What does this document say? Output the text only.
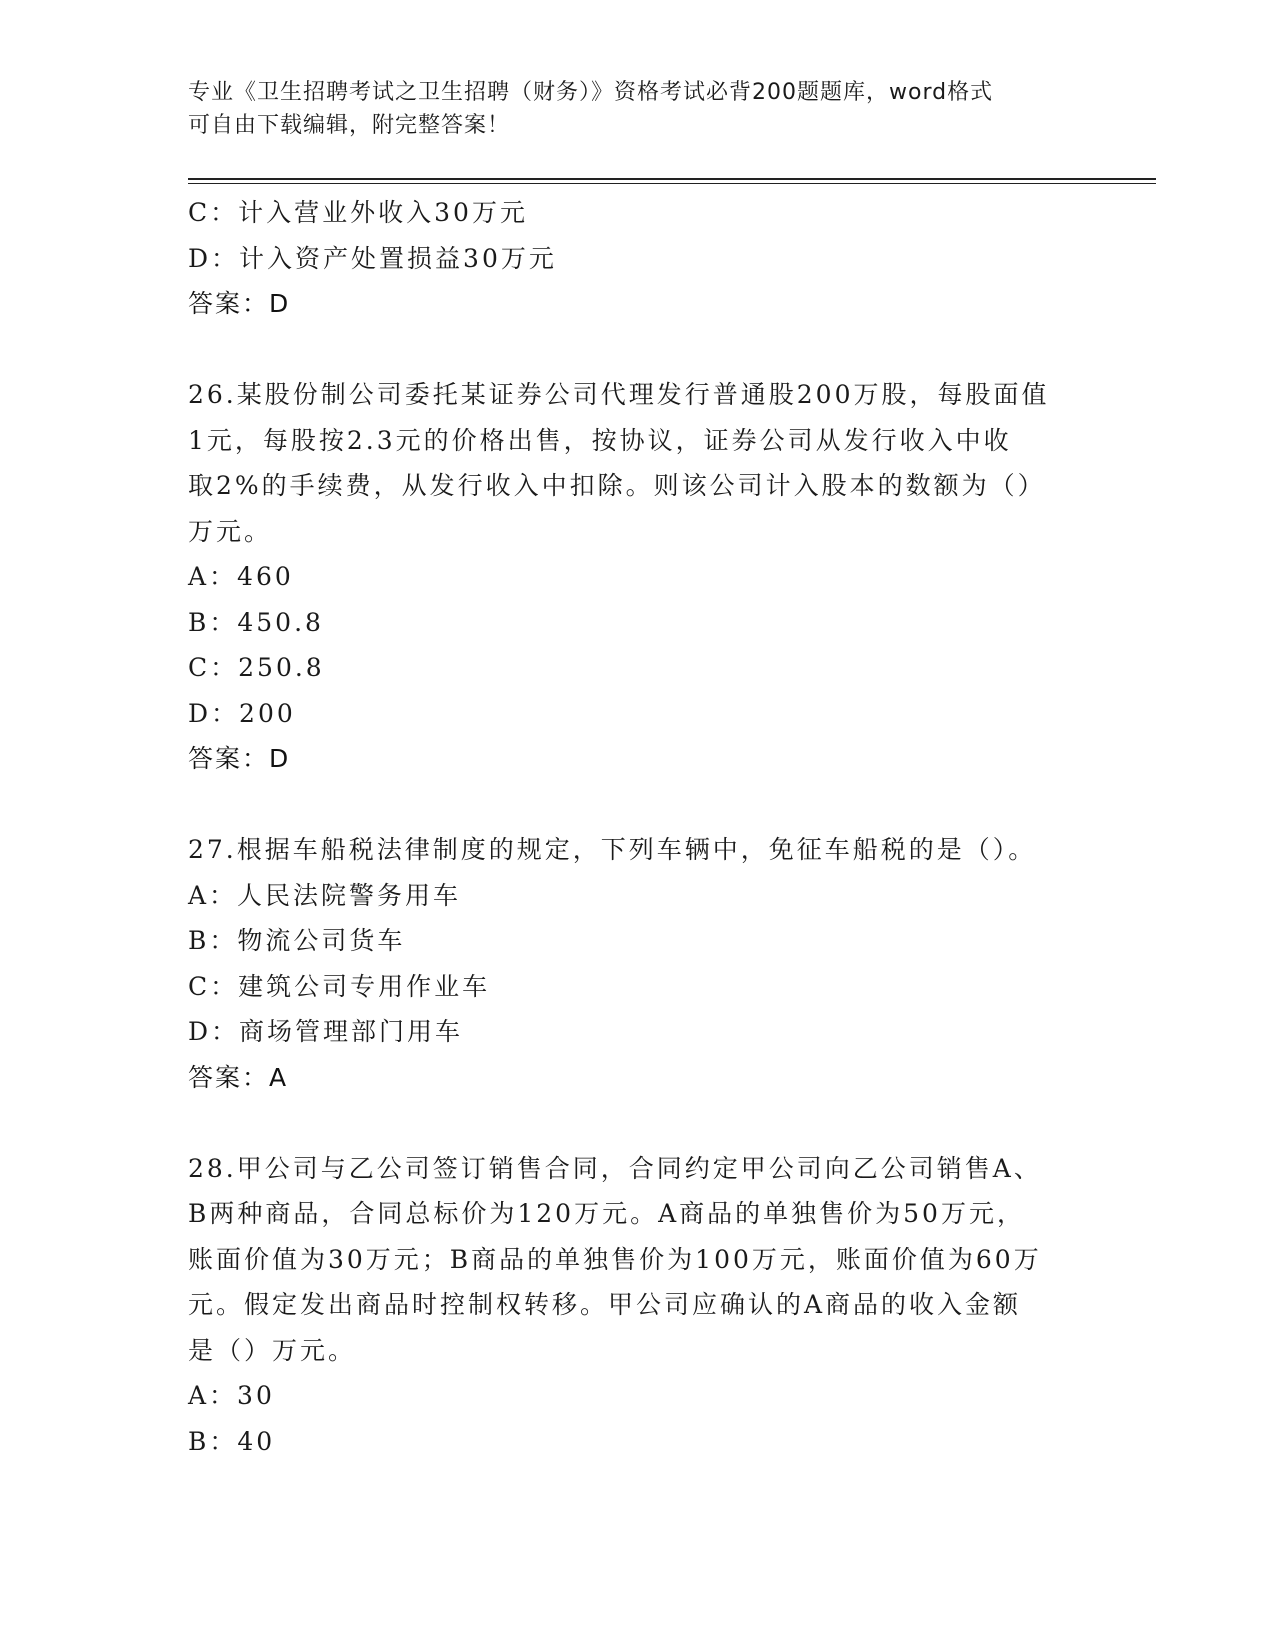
专业《卫生招聘考试之卫生招聘（财务）》资格考试必背200题题库，word格式
可自由下载编辑，附完整答案！
C：计入营业外收入30万元
D：计入资产处置损益30万元
答案：D
26.某股份制公司委托某证券公司代理发行普通股200万股，每股面值
1元，每股按2.3元的价格出售，按协议，证券公司从发行收入中收
取2%的手续费，从发行收入中扣除。则该公司计入股本的数额为（）
万元。
A：460
B：450.8
C：250.8
D：200
答案：D
27.根据车船税法律制度的规定，下列车辆中，免征车船税的是（）。
A：人民法院警务用车
B：物流公司货车
C：建筑公司专用作业车
D：商场管理部门用车
答案：A
28.甲公司与乙公司签订销售合同，合同约定甲公司向乙公司销售A、
B两种商品，合同总标价为120万元。A商品的单独售价为50万元，
账面价值为30万元；B商品的单独售价为100万元，账面价值为60万
元。假定发出商品时控制权转移。甲公司应确认的A商品的收入金额
是（）万元。
A：30
B：40
